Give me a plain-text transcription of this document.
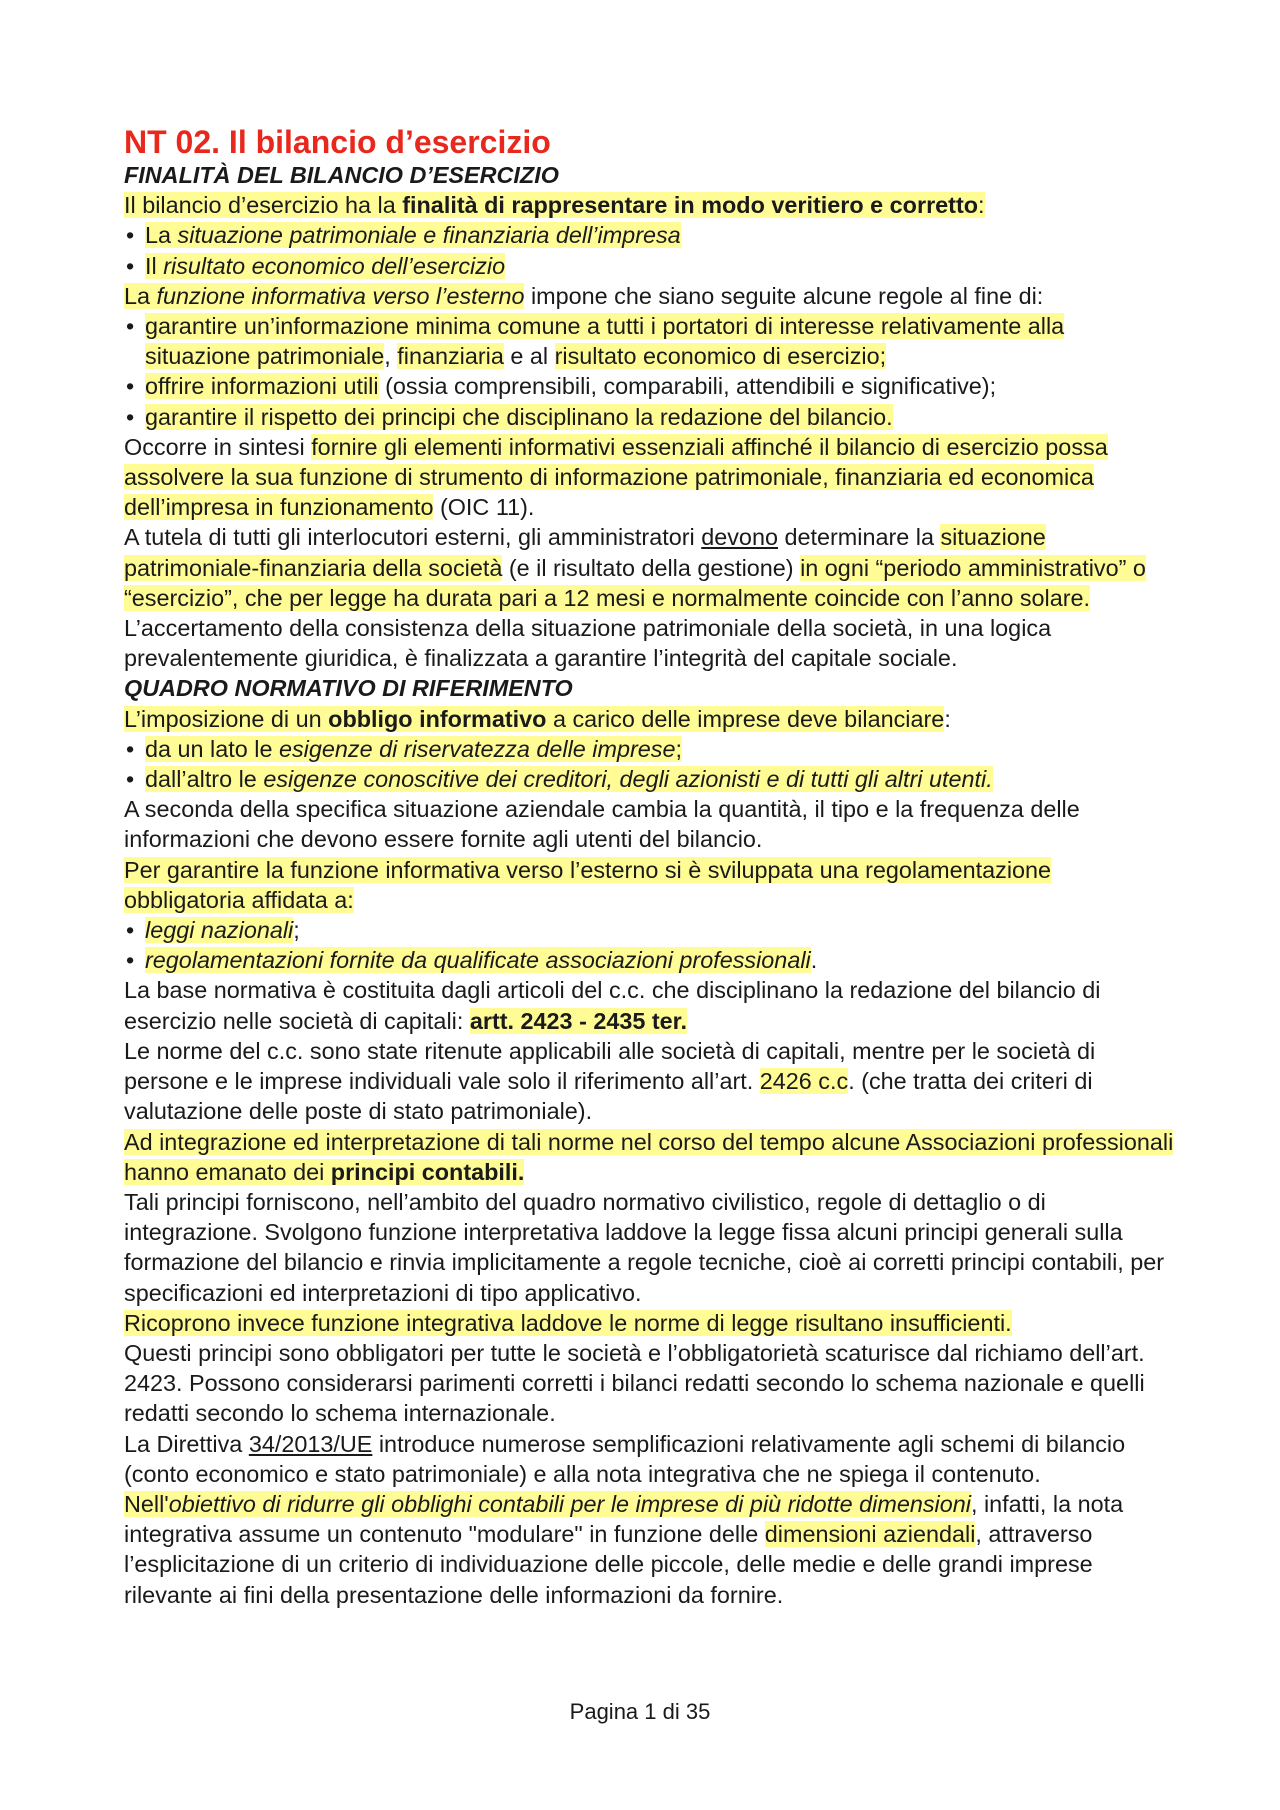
NT 02. Il bilancio d’esercizio
FINALITÀ DEL BILANCIO D’ESERCIZIO

Il bilancio d’esercizio ha la finalità di rappresentare in modo veritiero e corretto:

• La situazione patrimoniale e finanziaria dell’impresa
• Il risultato economico dell’esercizio

La funzione informativa verso l’esterno impone che siano seguite alcune regole al fine di:

• garantire un’informazione minima comune a tutti i portatori di interesse relativamente alla situazione patrimoniale, finanziaria e al risultato economico di esercizio;
• offrire informazioni utili (ossia comprensibili, comparabili, attendibili e significative);
• garantire il rispetto dei principi che disciplinano la redazione del bilancio.

Occorre in sintesi fornire gli elementi informativi essenziali affinché il bilancio di esercizio possa assolvere la sua funzione di strumento di informazione patrimoniale, finanziaria ed economica dell’impresa in funzionamento (OIC 11).

A tutela di tutti gli interlocutori esterni, gli amministratori devono determinare la situazione patrimoniale-finanziaria della società (e il risultato della gestione) in ogni “periodo amministrativo” o “esercizio”, che per legge ha durata pari a 12 mesi e normalmente coincide con l’anno solare.

L’accertamento della consistenza della situazione patrimoniale della società, in una logica prevalentemente giuridica, è finalizzata a garantire l’integrità del capitale sociale.

QUADRO NORMATIVO DI RIFERIMENTO

L’imposizione di un obbligo informativo a carico delle imprese deve bilanciare:

• da un lato le esigenze di riservatezza delle imprese;
• dall’altro le esigenze conoscitive dei creditori, degli azionisti e di tutti gli altri utenti.

A seconda della specifica situazione aziendale cambia la quantità, il tipo e la frequenza delle informazioni che devono essere fornite agli utenti del bilancio.

Per garantire la funzione informativa verso l’esterno si è sviluppata una regolamentazione obbligatoria affidata a:

• leggi nazionali;
• regolamentazioni fornite da qualificate associazioni professionali.

La base normativa è costituita dagli articoli del c.c. che disciplinano la redazione del bilancio di esercizio nelle società di capitali: artt. 2423 - 2435 ter.

Le norme del c.c. sono state ritenute applicabili alle società di capitali, mentre per le società di persone e le imprese individuali vale solo il riferimento all’art. 2426 c.c. (che tratta dei criteri di valutazione delle poste di stato patrimoniale).

Ad integrazione ed interpretazione di tali norme nel corso del tempo alcune Associazioni professionali hanno emanato dei principi contabili.

Tali principi forniscono, nell’ambito del quadro normativo civilistico, regole di dettaglio o di integrazione. Svolgono funzione interpretativa laddove la legge fissa alcuni principi generali sulla formazione del bilancio e rinvia implicitamente a regole tecniche, cioè ai corretti principi contabili, per specificazioni ed interpretazioni di tipo applicativo.

Ricoprono invece funzione integrativa laddove le norme di legge risultano insufficienti.

Questi principi sono obbligatori per tutte le società e l’obbligatorietà scaturisce dal richiamo dell’art. 2423. Possono considerarsi parimenti corretti i bilanci redatti secondo lo schema nazionale e quelli redatti secondo lo schema internazionale.

La Direttiva 34/2013/UE introduce numerose semplificazioni relativamente agli schemi di bilancio (conto economico e stato patrimoniale) e alla nota integrativa che ne spiega il contenuto. Nell'obiettivo di ridurre gli obblighi contabili per le imprese di più ridotte dimensioni, infatti, la nota integrativa assume un contenuto "modulare" in funzione delle dimensioni aziendali, attraverso l’esplicitazione di un criterio di individuazione delle piccole, delle medie e delle grandi imprese rilevante ai fini della presentazione delle informazioni da fornire.

Pagina 1 di 35
